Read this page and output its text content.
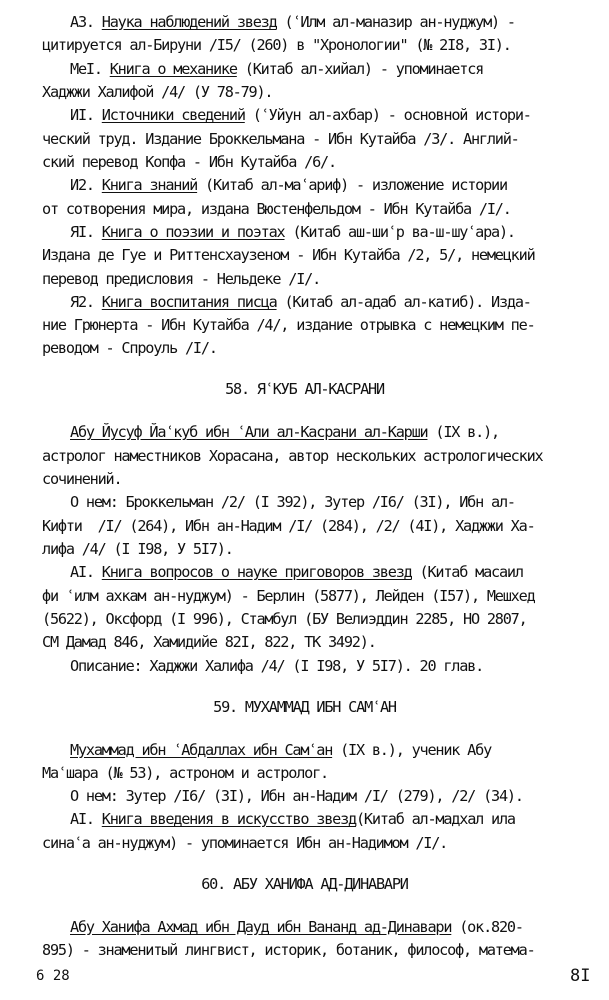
А3. Наука наблюдений звезд (ʿИлм ал-маназир ан-нуджум) -
цитируется ал-Бируни /I5/ (260) в "Хронологии" (№ 2I8, 3I).
MeI. Книга о механике (Китаб ал-хийал) - упоминается
Хаджжи Халифой /4/ (У 78-79).
ИI. Источники сведений (ʿУйун ал-ахбар) - основной истори-
ческий труд. Издание Броккельмана - Ибн Кутайба /3/. Англий-
ский перевод Копфа - Ибн Кутайба /6/.
И2. Книга знаний (Китаб ал-маʿариф) - изложение истории
от сотворения мира, издана Вюстенфельдом - Ибн Кутайба /I/.
ЯI. Книга о поэзии и поэтах (Китаб аш-шиʿр ва-ш-шуʿара).
Издана де Гуе и Риттенсхаузеном - Ибн Кутайба /2, 5/, немецкий
перевод предисловия - Нельдеке /I/.
Я2. Книга воспитания писца (Китаб ал-адаб ал-катиб). Изда-
ние Грюнерта - Ибн Кутайба /4/, издание отрывка с немецким пе-
реводом - Спроуль /I/.
58. ЯʿКУБ АЛ-КАСРАНИ
Абу Йусуф Йаʿкуб ибн ʿАли ал-Касрани ал-Карши (IX в.),
астролог наместников Хорасана, автор нескольких астрологических
сочинений.
О нем: Броккельман /2/ (I 392), Зутер /I6/ (3I), Ибн ал-
Кифти  /I/ (264), Ибн ан-Надим /I/ (284), /2/ (4I), Хаджжи Ха-
лифа /4/ (I I98, У 5I7).
АI. Книга вопросов о науке приговоров звезд (Китаб масаил
фи ʿилм ахкам ан-нуджум) - Берлин (5877), Лейден (I57), Мешхед
(5622), Оксфорд (I 996), Стамбул (БУ Велиэддин 2285, НО 2807,
СМ Дамад 846, Хамидийе 82I, 822, ТК 3492).
Описание: Хаджжи Халифа /4/ (I I98, У 5I7). 20 глав.
59. МУХАММАД ИБН САМʿАН
Мухаммад ибн ʿАбдаллах ибн Самʿан (IX в.), ученик Абу
Маʿшара (№ 53), астроном и астролог.
О нем: Зутер /I6/ (3I), Ибн ан-Надим /I/ (279), /2/ (34).
АI. Книга введения в искусство звезд(Китаб ал-мадхал ила
синаʿа ан-нуджум) - упоминается Ибн ан-Надимом /I/.
60. АБУ ХАНИФА АД-ДИНАВАРИ
Абу Ханифа Ахмад ибн Дауд ибн Вананд ад-Динавари (ок.820-
895) - знаменитый лингвист, историк, ботаник, философ, матема-
6 28	8I
